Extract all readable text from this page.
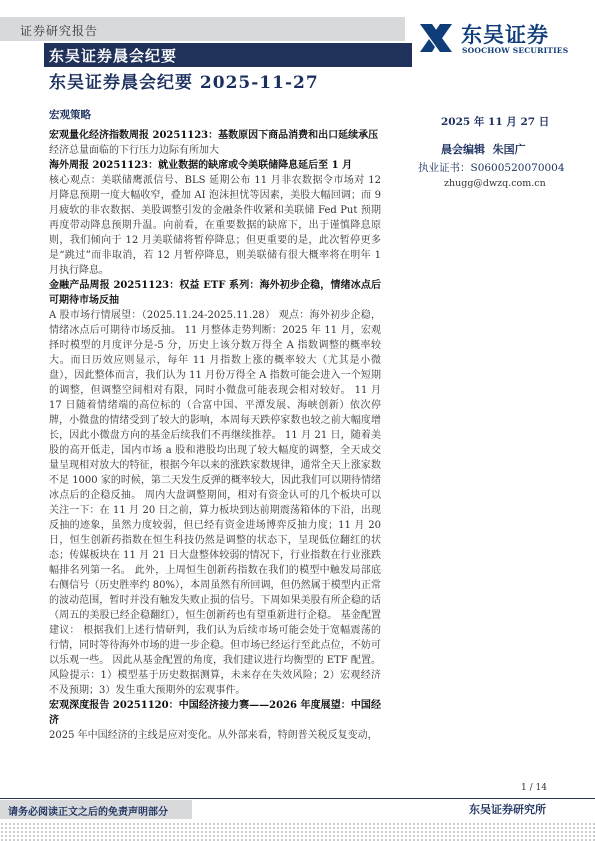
证券研究报告	东吴证券
SOOCHOW SECURITIES
东吴证券晨会纪要
东吴证券晨会纪要 2025-11-27
宏观策略
2025 年 11 月 27 日
晨会编辑 朱国广
执业证书：S0600520070004
zhugg@dwzq.com.cn

宏观量化经济指数周报 20251123：基数原因下商品消费和出口延续承压

经济总量面临的下行压力边际有所加大

海外周报 20251123：就业数据的缺席或令美联储降息延后至 1 月

核心观点：美联储鹰派信号、BLS 延期公布 11 月非农数据令市场对 12 月降息预期一度大幅收窄，叠加 AI 泡沫担忧等因素，美股大幅回调；而 9 月疲软的非农数据、美股调整引发的金融条件收紧和美联储 Fed Put 预期再度带动降息预期升温。向前看，在重要数据的缺席下，出于谨慎降息原则，我们倾向于 12 月美联储将暂停降息；但更重要的是，此次暂停更多是“跳过”而非取消，若 12 月暂停降息，则美联储有很大概率将在明年 1 月执行降息。

金融产品周报 20251123：权益 ETF 系列：海外初步企稳，情绪冰点后可期待市场反抽

A 股市场行情展望：（2025.11.24-2025.11.28） 观点：海外初步企稳，情绪冰点后可期待市场反抽。 11 月整体走势判断：2025 年 11 月，宏观择时模型的月度评分是-5 分，历史上该分数万得全 A 指数调整的概率较大。而日历效应则显示，每年 11 月指数上涨的概率较大（尤其是小微盘），因此整体而言，我们认为 11 月份万得全 A 指数可能会进入一个短期的调整，但调整空间相对有限，同时小微盘可能表现会相对较好。 11 月 17 日随着情绪端的高位标的（合富中国、平潭发展、海峡创新）依次停牌，小微盘的情绪受到了较大的影响，本周每天跌停家数也较之前大幅度增长，因此小微盘方向的基金后续我们不再继续推荐。 11 月 21 日，随着美股的高开低走，国内市场 a 股和港股均出现了较大幅度的调整，全天成交量呈现相对放大的特征，根据今年以来的涨跌家数规律，通常全天上涨家数不足 1000 家的时候，第二天发生反弹的概率较大，因此我们可以期待情绪冰点后的企稳反抽。 周内大盘调整期间，相对有资金认可的几个板块可以关注一下：在 11 月 20 日之前，算力板块到达前期震荡箱体的下沿，出现反抽的迹象，虽然力度较弱，但已经有资金进场博弈反抽力度；11 月 20 日，恒生创新药指数在恒生科技仍然是调整的状态下，呈现低位翻红的状态；传媒板块在 11 月 21 日大盘整体较弱的情况下，行业指数在行业涨跌幅排名列第一名。 此外，上周恒生创新药指数在我们的模型中触发局部底右侧信号（历史胜率约 80%），本周虽然有所回调，但仍然属于模型内正常的波动范围，暂时并没有触发失败止损的信号。下周如果美股有所企稳的话（周五的美股已经企稳翻红），恒生创新药也有望重新进行企稳。 基金配置建议： 根据我们上述行情研判，我们认为后续市场可能会处于宽幅震荡的行情，同时等待海外市场的进一步企稳。但市场已经运行至此点位，不妨可以乐观一些。 因此从基金配置的角度，我们建议进行均衡型的 ETF 配置。 风险提示：1）模型基于历史数据测算，未来存在失效风险；2）宏观经济不及预期；3）发生重大预期外的宏观事件。

宏观深度报告 20251120：中国经济接力赛——2026 年度展望：中国经济

2025 年中国经济的主线是应对变化。从外部来看，特朗普关税反复变动，

1 / 14
请务必阅读正文之后的免责声明部分	东吴证券研究所
